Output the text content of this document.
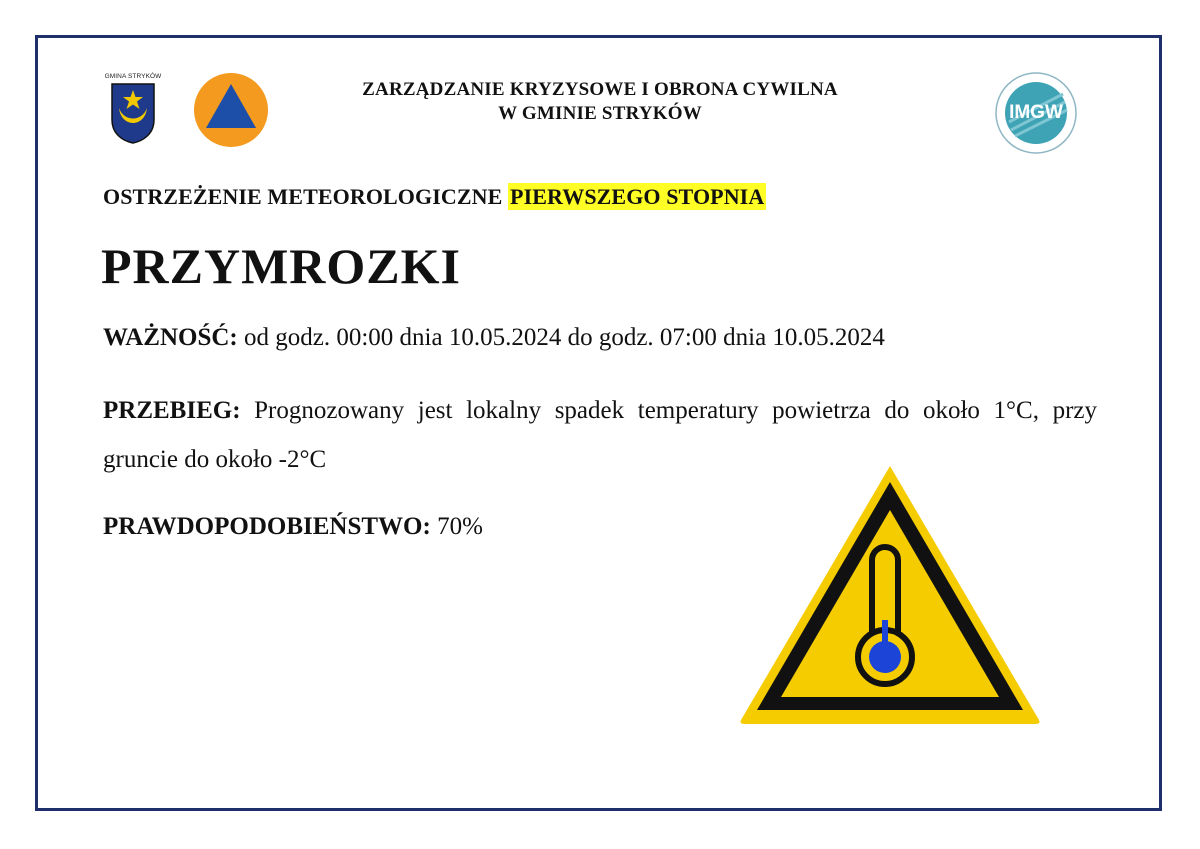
GMINA STRYKÓW
ZARZĄDZANIE KRYZYSOWE I OBRONA CYWILNA
W GMINIE STRYKÓW	IMGW
OSTRZEŻENIE METEOROLOGICZNE PIERWSZEGO STOPNIA
PRZYMROZKI
WAŻNOŚĆ: od godz. 00:00 dnia 10.05.2024 do godz. 07:00 dnia 10.05.2024
PRZEBIEG: Prognozowany jest lokalny spadek temperatury powietrza do około 1°C, przy gruncie do około -2°C
PRAWDOPODOBIEŃSTWO: 70%
